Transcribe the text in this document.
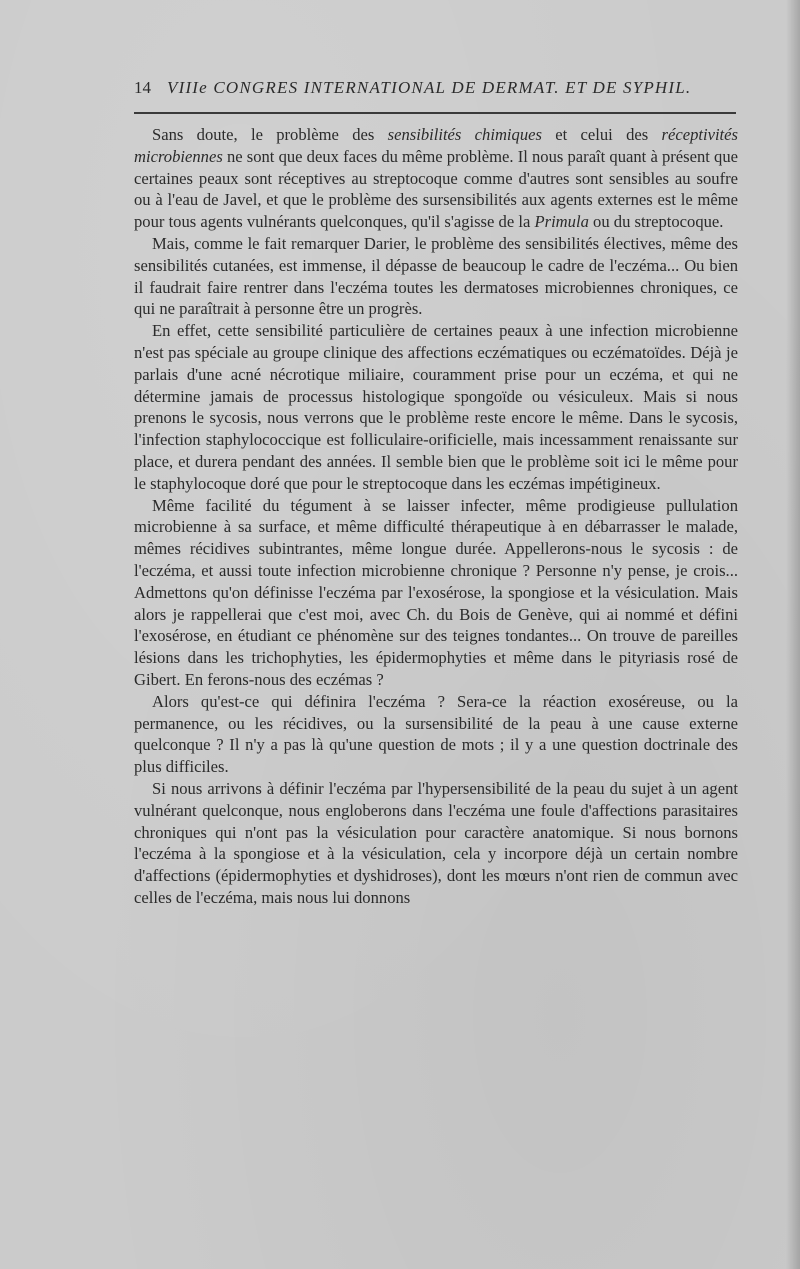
14 VIIIe CONGRES INTERNATIONAL DE DERMAT. ET DE SYPHIL.

Sans doute, le problème des sensibilités chimiques et celui des réceptivités microbiennes ne sont que deux faces du même problème. Il nous paraît quant à présent que certaines peaux sont réceptives au streptocoque comme d'autres sont sensibles au soufre ou à l'eau de Javel, et que le problème des sursensibilités aux agents externes est le même pour tous agents vulnérants quelconques, qu'il s'agisse de la Primula ou du streptocoque.

Mais, comme le fait remarquer Darier, le problème des sensibilités électives, même des sensibilités cutanées, est immense, il dépasse de beaucoup le cadre de l'eczéma... Ou bien il faudrait faire rentrer dans l'eczéma toutes les dermatoses microbiennes chroniques, ce qui ne paraîtrait à personne être un progrès.

En effet, cette sensibilité particulière de certaines peaux à une infection microbienne n'est pas spéciale au groupe clinique des affections eczématiques ou eczématoïdes. Déjà je parlais d'une acné nécrotique miliaire, couramment prise pour un eczéma, et qui ne détermine jamais de processus histologique spongoïde ou vésiculeux. Mais si nous prenons le sycosis, nous verrons que le problème reste encore le même. Dans le sycosis, l'infection staphylococcique est folliculaire-orificielle, mais incessamment renaissante sur place, et durera pendant des années. Il semble bien que le problème soit ici le même pour le staphylocoque doré que pour le streptocoque dans les eczémas impétigineux.

Même facilité du tégument à se laisser infecter, même prodigieuse pullulation microbienne à sa surface, et même difficulté thérapeutique à en débarrasser le malade, mêmes récidives subintrantes, même longue durée. Appellerons-nous le sycosis : de l'eczéma, et aussi toute infection microbienne chronique ? Personne n'y pense, je crois... Admettons qu'on définisse l'eczéma par l'exosérose, la spongiose et la vésiculation. Mais alors je rappellerai que c'est moi, avec Ch. du Bois de Genève, qui ai nommé et défini l'exosérose, en étudiant ce phénomène sur des teignes tondantes... On trouve de pareilles lésions dans les trichophyties, les épidermophyties et même dans le pityriasis rosé de Gibert. En ferons-nous des eczémas ?

Alors qu'est-ce qui définira l'eczéma ? Sera-ce la réaction exoséreuse, ou la permanence, ou les récidives, ou la sursensibilité de la peau à une cause externe quelconque ? Il n'y a pas là qu'une question de mots ; il y a une question doctrinale des plus difficiles.

Si nous arrivons à définir l'eczéma par l'hypersensibilité de la peau du sujet à un agent vulnérant quelconque, nous engloberons dans l'eczéma une foule d'affections parasitaires chroniques qui n'ont pas la vésiculation pour caractère anatomique. Si nous bornons l'eczéma à la spongiose et à la vésiculation, cela y incorpore déjà un certain nombre d'affections (épidermophyties et dyshidroses), dont les mœurs n'ont rien de commun avec celles de l'eczéma, mais nous lui donnons
